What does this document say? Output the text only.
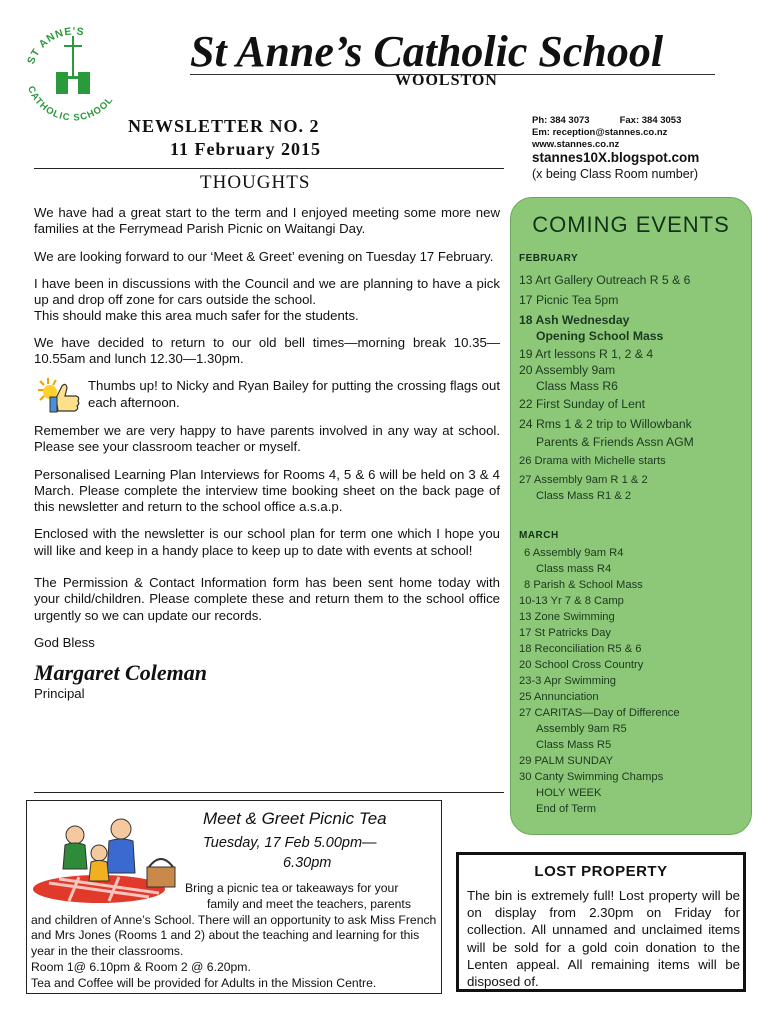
ST ANNE'S
CATHOLIC SCHOOL
St Anne’s Catholic School
WOOLSTON
NEWSLETTER NO. 2
11 February 2015
THOUGHTS
Ph: 384 3073	Fax: 384 3053
Em: reception@stannes.co.nz
www.stannes.co.nz
stannes10X.blogspot.com
(x being Class Room number)

We have had a great start to the term and I enjoyed meeting some more new families at the Ferrymead Parish Picnic on Waitangi Day.

We are looking forward to our ‘Meet & Greet’ evening on Tuesday 17 February.

I have been in discussions with the Council and we are planning to have a pick up and drop off zone for cars outside the school.

This should make this area much safer for the students.

We have decided to return to our old bell times—morning break 10.35—10.55am and lunch 12.30—1.30pm.

Thumbs up! to Nicky and Ryan Bailey for putting the crossing flags out each afternoon.

Remember we are very happy to have parents involved in any way at school. Please see your classroom teacher or myself.

Personalised Learning Plan Interviews for Rooms 4, 5 & 6 will be held on 3 & 4 March. Please complete the interview time booking sheet on the back page of this newsletter and return to the school office a.s.a.p.

Enclosed with the newsletter is our school plan for term one which I hope you will like and keep in a handy place to keep up to date with events at school!

The Permission & Contact Information form has been sent home today with your child/children. Please complete these and return them to the school office urgently so we can update our records.

God Bless

Margaret Coleman
Principal
COMING EVENTS
FEBRUARY
13 Art Gallery Outreach R 5 & 6
17 Picnic Tea 5pm
18 Ash Wednesday
Opening School Mass
19 Art lessons R 1, 2 & 4
20 Assembly 9am
Class Mass R6
22 First Sunday of Lent
24 Rms 1 & 2 trip to Willowbank
Parents & Friends Assn AGM
26 Drama with Michelle starts
27 Assembly 9am R 1 & 2
Class Mass R1 & 2
MARCH
6 Assembly 9am R4
Class mass R4
8 Parish & School Mass
10-13 Yr 7 & 8 Camp
13 Zone Swimming
17 St Patricks Day
18 Reconciliation R5 & 6
20 School Cross Country
23-3 Apr Swimming
25 Annunciation
27 CARITAS—Day of Difference
Assembly 9am R5
Class Mass R5
29 PALM SUNDAY
30 Canty Swimming Champs
HOLY WEEK
End of Term
Meet & Greet Picnic Tea
Tuesday, 17 Feb 5.00pm—
6.30pm
Bring a picnic tea or takeaways for your
family and meet the teachers, parents
and children of Anne’s School. There will an opportunity to ask Miss French and Mrs Jones (Rooms 1 and 2) about the teaching and learning for this year in the their classrooms.
Room 1@ 6.10pm & Room 2 @ 6.20pm.
Tea and Coffee will be provided for Adults in the Mission Centre.
LOST PROPERTY
The bin is extremely full! Lost property will be on display from 2.30pm on Friday for collection. All unnamed and unclaimed items will be sold for a gold coin donation to the Lenten appeal. All remaining items will be disposed of.
